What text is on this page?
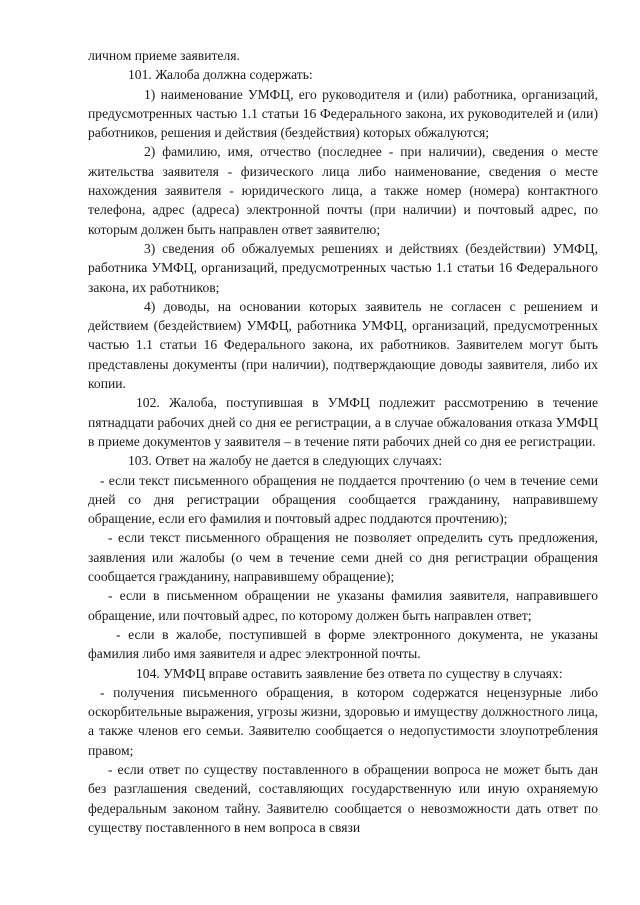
личном приеме заявителя.

101. Жалоба должна содержать:

1) наименование УМФЦ, его руководителя и (или) работника, организаций, предусмотренных частью 1.1 статьи 16 Федерального закона, их руководителей и (или) работников, решения и действия (бездействия) которых обжалуются;

2) фамилию, имя, отчество (последнее - при наличии), сведения о месте жительства заявителя - физического лица либо наименование, сведения о месте нахождения заявителя - юридического лица, а также номер (номера) контактного телефона, адрес (адреса) электронной почты (при наличии) и почтовый адрес, по которым должен быть направлен ответ заявителю;

3) сведения об обжалуемых решениях и действиях (бездействии) УМФЦ, работника УМФЦ, организаций, предусмотренных частью 1.1 статьи 16 Федерального закона, их работников;

4) доводы, на основании которых заявитель не согласен с решением и действием (бездействием) УМФЦ, работника УМФЦ, организаций, предусмотренных частью 1.1 статьи 16 Федерального закона, их работников. Заявителем могут быть представлены документы (при наличии), подтверждающие доводы заявителя, либо их копии.

102. Жалоба, поступившая в УМФЦ подлежит рассмотрению в течение пятнадцати рабочих дней со дня ее регистрации, а в случае обжалования отказа УМФЦ в приеме документов у заявителя – в течение пяти рабочих дней со дня ее регистрации.

103. Ответ на жалобу не дается в следующих случаях:

- если текст письменного обращения не поддается прочтению (о чем в течение семи дней со дня регистрации обращения сообщается гражданину, направившему обращение, если его фамилия и почтовый адрес поддаются прочтению);

- если текст письменного обращения не позволяет определить суть предложения, заявления или жалобы (о чем в течение семи дней со дня регистрации обращения сообщается гражданину, направившему обращение);

- если в письменном обращении не указаны фамилия заявителя, направившего обращение, или почтовый адрес, по которому должен быть направлен ответ;

- если в жалобе, поступившей в форме электронного документа, не указаны фамилия либо имя заявителя и адрес электронной почты.

104. УМФЦ вправе оставить заявление без ответа по существу в случаях:

- получения письменного обращения, в котором содержатся нецензурные либо оскорбительные выражения, угрозы жизни, здоровью и имуществу должностного лица, а также членов его семьи. Заявителю сообщается о недопустимости злоупотребления правом;

- если ответ по существу поставленного в обращении вопроса не может быть дан без разглашения сведений, составляющих государственную или иную охраняемую федеральным законом тайну. Заявителю сообщается о невозможности дать ответ по существу поставленного в нем вопроса в связи
